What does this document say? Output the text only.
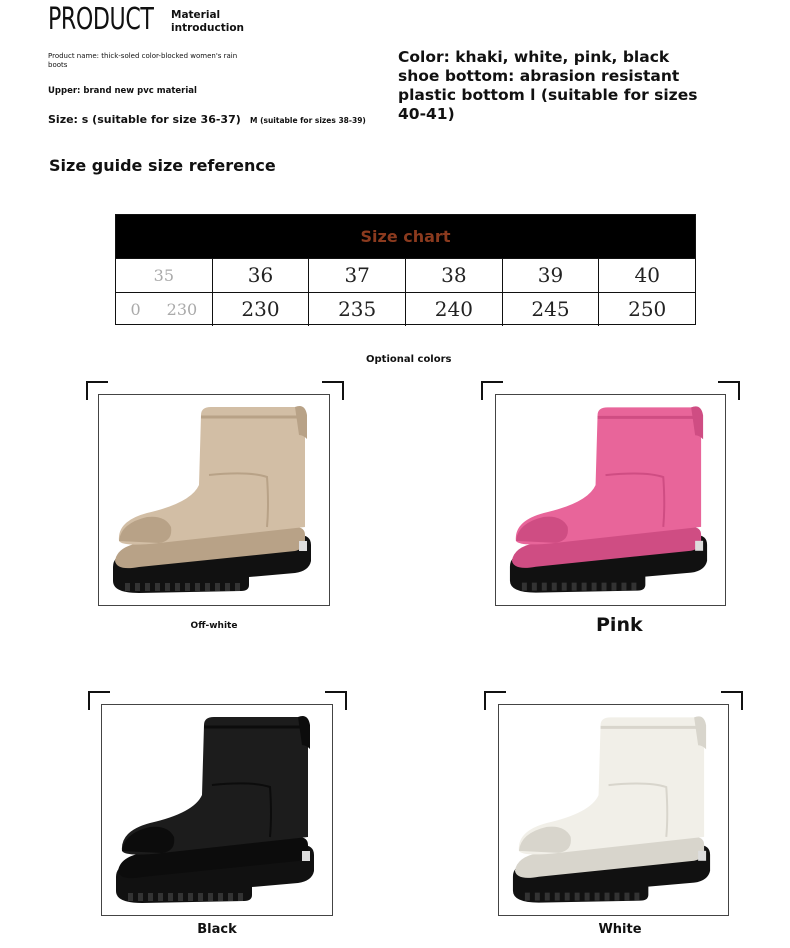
PRODUCT Material introduction
Product name: thick-soled color-blocked women's rain boots
Upper: brand new pvc material
Size: s (suitable for size 36-37) M (suitable for sizes 38-39)
Color: khaki, white, pink, black shoe bottom: abrasion resistant plastic bottom l (suitable for sizes 40-41)
Size guide size reference
Size chart
35	36	37	38	39	40
0 230	230	235	240	245	250
Optional colors
Off-white	Pink
Black	White
